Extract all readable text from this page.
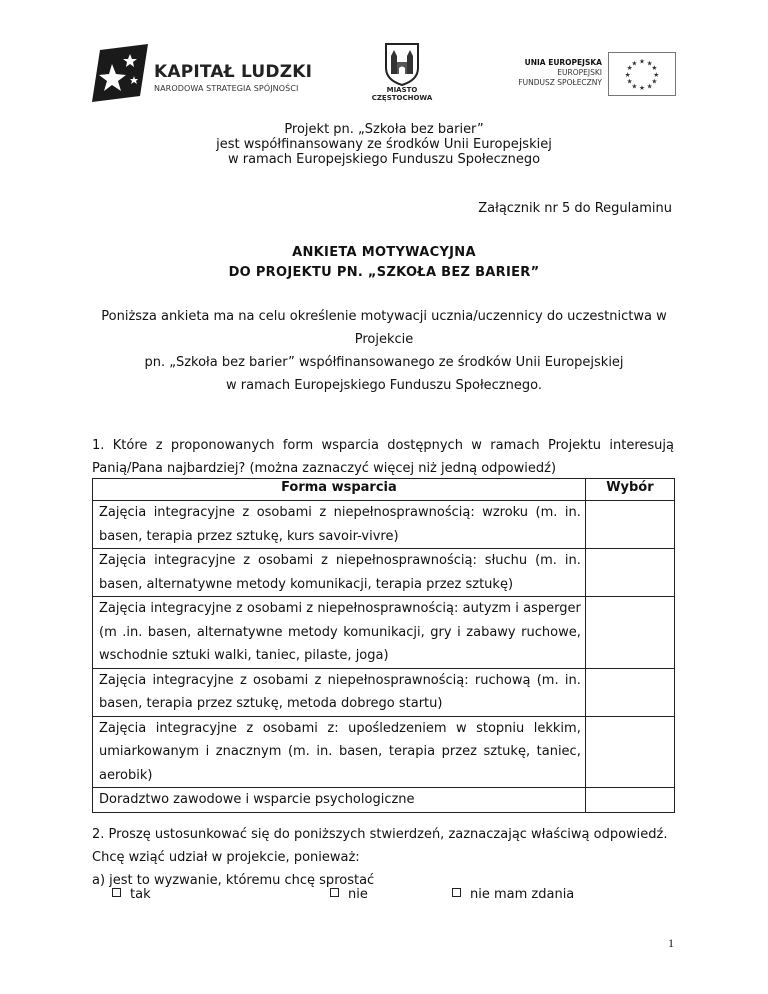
KAPITAŁ LUDZKI
NARODOWA STRATEGIA SPÓJNOŚCI	MIASTO
CZĘSTOCHOWA
UNIA EUROPEJSKA
EUROPEJSKI
FUNDUSZ SPOŁECZNY
★ ★
★
★
★
★
★
★
★
★
★
★
Projekt pn. „Szkoła bez barier”
jest współfinansowany ze środków Unii Europejskiej
w ramach Europejskiego Funduszu Społecznego
Załącznik nr 5 do Regulaminu
ANKIETA MOTYWACYJNA
DO PROJEKTU PN. „SZKOŁA BEZ BARIER”
Poniższa ankieta ma na celu określenie motywacji ucznia/uczennicy do uczestnictwa w
Projekcie
pn. „Szkoła bez barier” współfinansowanego ze środków Unii Europejskiej
w ramach Europejskiego Funduszu Społecznego.
1. Które z proponowanych form wsparcia dostępnych w ramach Projektu interesują Panią/Pana najbardziej? (można zaznaczyć więcej niż jedną odpowiedź)
Forma wsparcia	Wybór
Zajęcia integracyjne z osobami z niepełnosprawnością: wzroku (m. in. basen, terapia przez sztukę, kurs savoir-vivre)	
Zajęcia integracyjne z osobami z niepełnosprawnością: słuchu (m. in. basen, alternatywne metody komunikacji, terapia przez sztukę)	
Zajęcia integracyjne z osobami z niepełnosprawnością: autyzm i asperger (m .in. basen, alternatywne metody komunikacji, gry i zabawy ruchowe, wschodnie sztuki walki, taniec, pilaste, joga)	
Zajęcia integracyjne z osobami z niepełnosprawnością: ruchową (m. in. basen, terapia przez sztukę, metoda dobrego startu)	
Zajęcia integracyjne z osobami z: upośledzeniem w stopniu lekkim, umiarkowanym i znacznym (m. in. basen, terapia przez sztukę, taniec, aerobik)	
Doradztwo zawodowe i wsparcie psychologiczne	
2. Proszę ustosunkować się do poniższych stwierdzeń, zaznaczając właściwą odpowiedź.
Chcę wziąć udział w projekcie, ponieważ:
a) jest to wyzwanie, któremu chcę sprostać
tak	nie	nie mam zdania
1
